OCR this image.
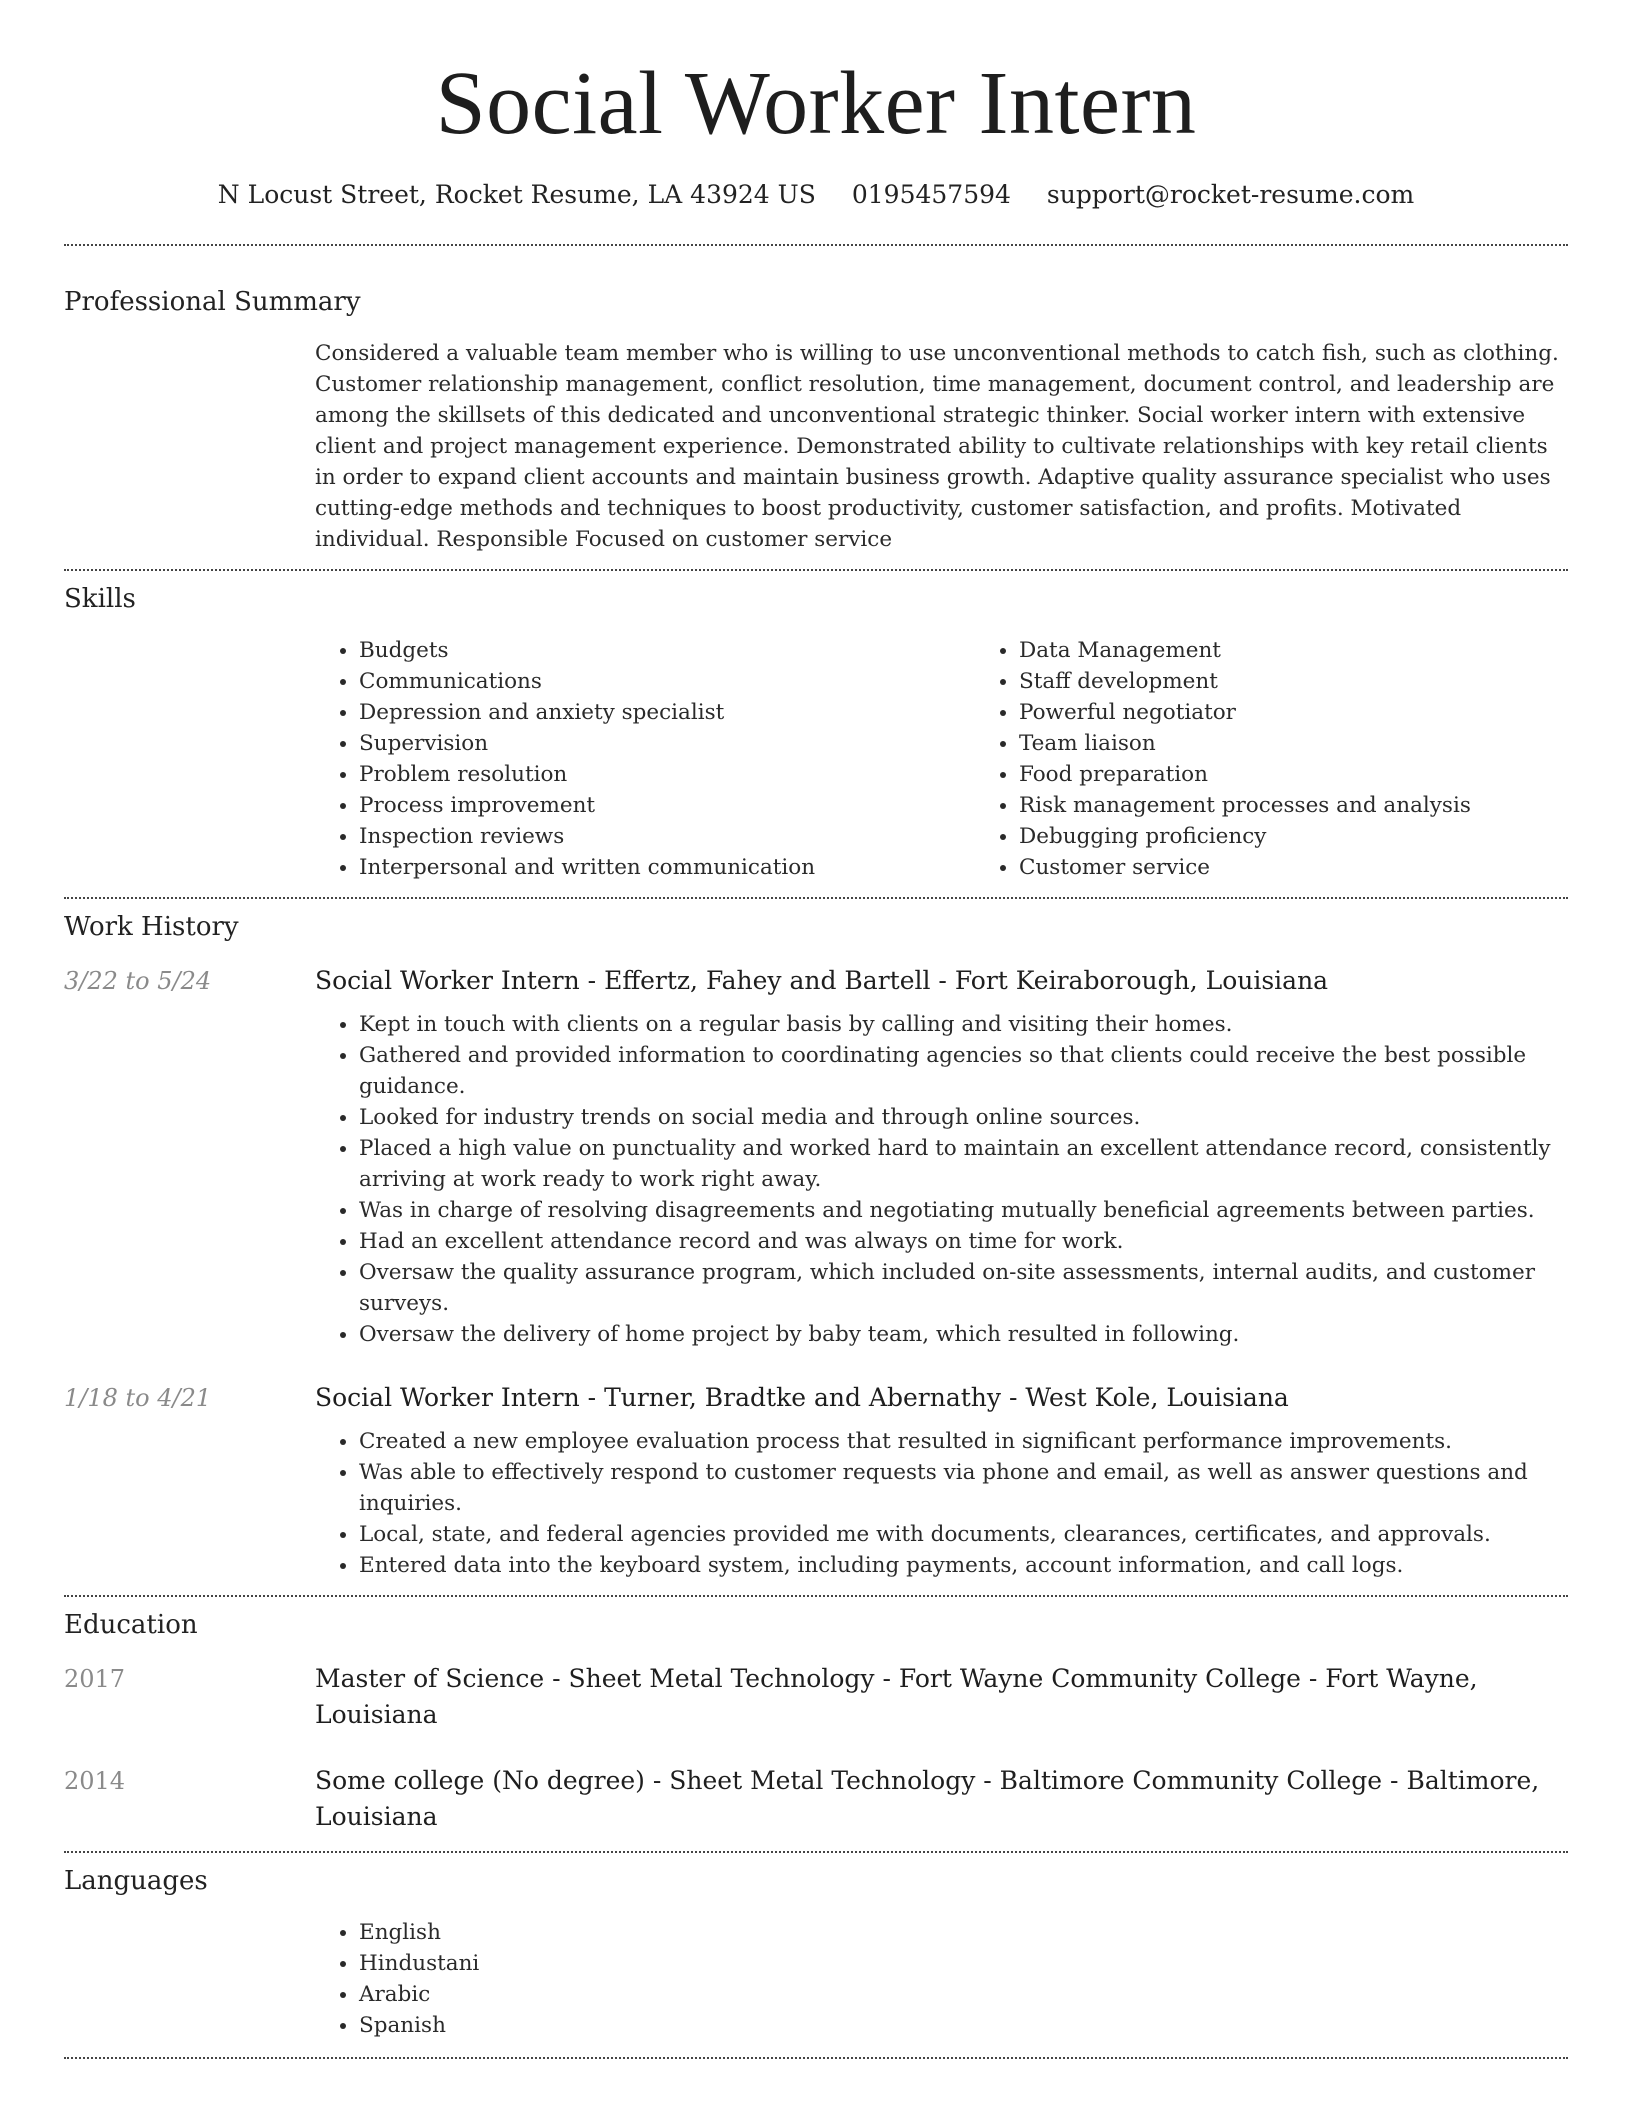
Social Worker Intern
N Locust Street, Rocket Resume, LA 43924 US 0195457594 support@rocket-resume.com
Professional Summary

Considered a valuable team member who is willing to use unconventional methods to catch fish, such as clothing. Customer relationship management, conflict resolution, time management, document control, and leadership are among the skillsets of this dedicated and unconventional strategic thinker. Social worker intern with extensive client and project management experience. Demonstrated ability to cultivate relationships with key retail clients in order to expand client accounts and maintain business growth. Adaptive quality assurance specialist who uses cutting-edge methods and techniques to boost productivity, customer satisfaction, and profits. Motivated individual. Responsible Focused on customer service

Skills
• Budgets
• Communications
• Depression and anxiety specialist
• Supervision
• Problem resolution
• Process improvement
• Inspection reviews
• Interpersonal and written communication
• Data Management
• Staff development
• Powerful negotiator
• Team liaison
• Food preparation
• Risk management processes and analysis
• Debugging proficiency
• Customer service
Work History
3/22 to 5/24	Social Worker Intern - Effertz, Fahey and Bartell - Fort Keiraborough, Louisiana
• Kept in touch with clients on a regular basis by calling and visiting their homes.
• Gathered and provided information to coordinating agencies so that clients could receive the best possible guidance.
• Looked for industry trends on social media and through online sources.
• Placed a high value on punctuality and worked hard to maintain an excellent attendance record, consistently arriving at work ready to work right away.
• Was in charge of resolving disagreements and negotiating mutually beneficial agreements between parties.
• Had an excellent attendance record and was always on time for work.
• Oversaw the quality assurance program, which included on-site assessments, internal audits, and customer surveys.
• Oversaw the delivery of home project by baby team, which resulted in following.
1/18 to 4/21	Social Worker Intern - Turner, Bradtke and Abernathy - West Kole, Louisiana
• Created a new employee evaluation process that resulted in significant performance improvements.
• Was able to effectively respond to customer requests via phone and email, as well as answer questions and inquiries.
• Local, state, and federal agencies provided me with documents, clearances, certificates, and approvals.
• Entered data into the keyboard system, including payments, account information, and call logs.
Education
2017	Master of Science - Sheet Metal Technology - Fort Wayne Community College - Fort Wayne, Louisiana
2014	Some college (No degree) - Sheet Metal Technology - Baltimore Community College - Baltimore, Louisiana
Languages
• English
• Hindustani
• Arabic
• Spanish
